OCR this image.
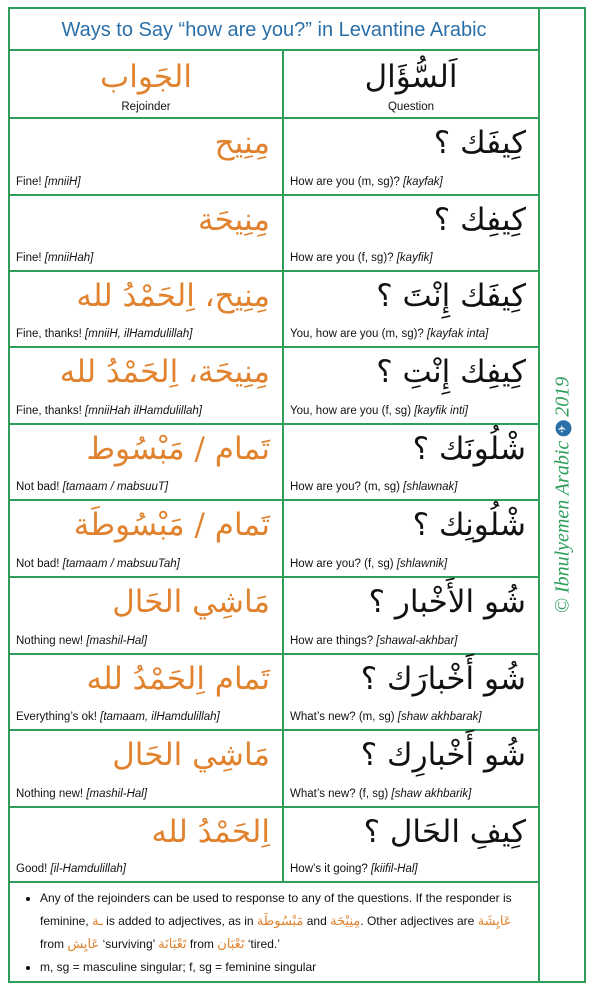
Ways to Say “how are you?” in Levantine Arabic
الجَواب
Rejoinder
اَلسُّؤَال
Question
مِنِيح
Fine! [mniiH]
كِيفَك ؟
How are you (m, sg)? [kayfak]
مِنِيحَة
Fine! [mniiHah]
كِيفِك ؟
How are you (f, sg)? [kayfik]
مِنِيح، اِلحَمْدُ لله
Fine, thanks! [mniiH, ilHamdulillah]
كِيفَك إِنْتَ ؟
You, how are you (m, sg)? [kayfak inta]
مِنِيحَة، اِلحَمْدُ لله
Fine, thanks! [mniiHah ilHamdulillah]
كِيفِك إِنْتِ ؟
You, how are you (f, sg) [kayfik inti]
تَمام / مَبْسُوط
Not bad! [tamaam / mabsuuT]
شْلُونَك ؟
How are you? (m, sg) [shlawnak]
تَمام / مَبْسُوطَة
Not bad! [tamaam / mabsuuTah]
شْلُونِك ؟
How are you? (f, sg) [shlawnik]
مَاشِي الحَال
Nothing new! [mashil-Hal]
شُو الأَخْبار ؟
How are things? [shawal-akhbar]
تَمام اِلحَمْدُ لله
Everything’s ok! [tamaam, ilHamdulillah]
شُو أَخْبارَك ؟
What’s new? (m, sg) [shaw akhbarak]
مَاشِي الحَال
Nothing new! [mashil-Hal]
شُو أَخْبارِك ؟
What’s new? (f, sg) [shaw akhbarik]
اِلحَمْدُ لله
Good! [il-Hamdulillah]
كِيفِ الحَال ؟
How’s it going? [kiifil-Hal]
• Any of the rejoinders can be used to response to any of the questions. If the responder is feminine, ـة is added to adjectives, as in مَبْسُوطَة and مِنِيْحَة. Other adjectives are عَايِشَة from عَايِش ‘surviving’ تَعْبَانَة from تَعْبَان ‘tired.’
• m, sg = masculine singular; f, sg = feminine singular
© Ibnulyemen Arabic✈2019
